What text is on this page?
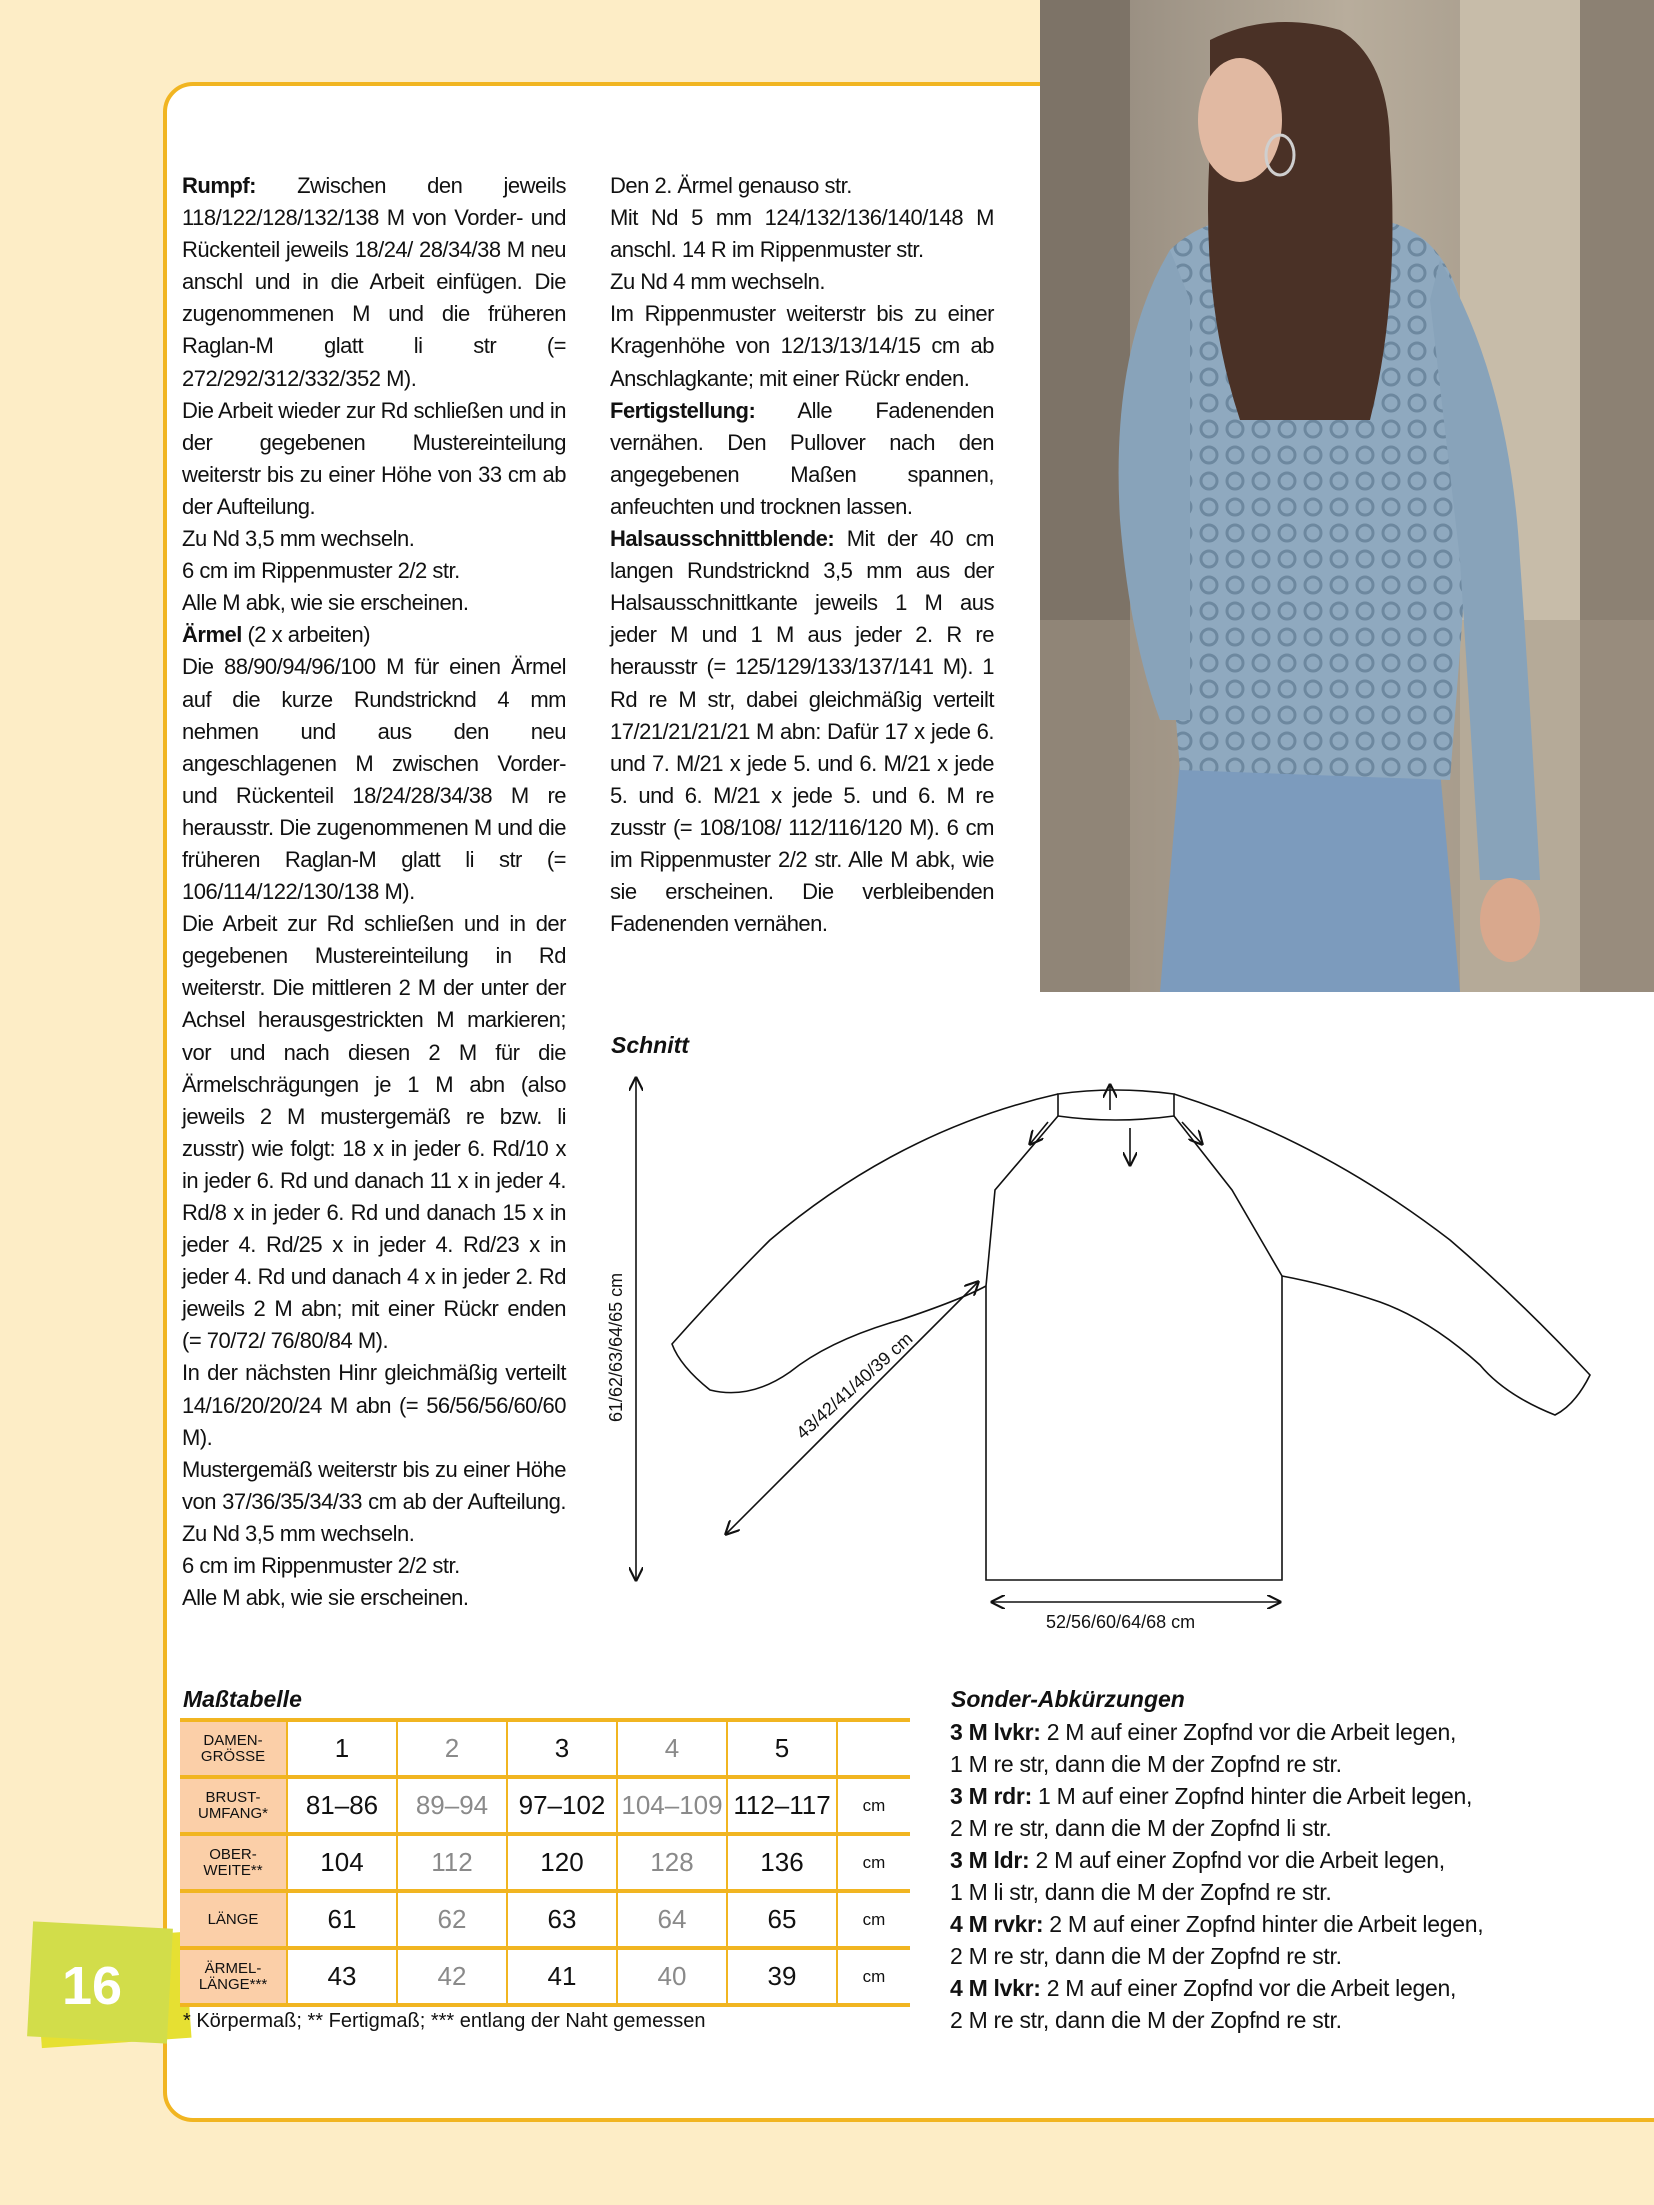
16

Rumpf: Zwischen den jeweils 118/122/128/132/138 M von Vorder- und Rückenteil jeweils 18/24/ 28/34/38 M neu anschl und in die Arbeit einfügen. Die zugenommenen M und die früheren Raglan-M glatt li str (= 272/292/312/332/352 M).

Die Arbeit wieder zur Rd schließen und in der gegebenen Mustereinteilung weiterstr bis zu einer Höhe von 33 cm ab der Aufteilung.

Zu Nd 3,5 mm wechseln.

6 cm im Rippenmuster 2/2 str.

Alle M abk, wie sie erscheinen.

Ärmel (2 x arbeiten)

Die 88/90/94/96/100 M für einen Ärmel auf die kurze Rundstricknd 4 mm nehmen und aus den neu angeschlagenen M zwischen Vorder- und Rückenteil 18/24/28/34/38 M re herausstr. Die zugenommenen M und die früheren Raglan-M glatt li str (= 106/114/122/130/138 M).

Die Arbeit zur Rd schließen und in der gegebenen Mustereinteilung in Rd weiterstr. Die mittleren 2 M der unter der Achsel herausgestrickten M markieren; vor und nach diesen 2 M für die Ärmelschrägungen je 1 M abn (also jeweils 2 M mustergemäß re bzw. li zusstr) wie folgt: 18 x in jeder 6. Rd/10 x in jeder 6. Rd und danach 11 x in jeder 4. Rd/8 x in jeder 6. Rd und danach 15 x in jeder 4. Rd/25 x in jeder 4. Rd/23 x in jeder 4. Rd und danach 4 x in jeder 2. Rd jeweils 2 M abn; mit einer Rückr enden (= 70/72/ 76/80/84 M).

In der nächsten Hinr gleichmäßig verteilt 14/16/20/20/24 M abn (= 56/56/56/60/60 M).

Mustergemäß weiterstr bis zu einer Höhe von 37/36/35/34/33 cm ab der Aufteilung. Zu Nd 3,5 mm wechseln.

6 cm im Rippenmuster 2/2 str.

Alle M abk, wie sie erscheinen.

Den 2. Ärmel genauso str.

Mit Nd 5 mm 124/132/136/140/148 M anschl. 14 R im Rippenmuster str.

Zu Nd 4 mm wechseln.

Im Rippenmuster weiterstr bis zu einer Kragenhöhe von 12/13/13/14/15 cm ab Anschlagkante; mit einer Rückr enden.

Fertigstellung: Alle Fadenenden vernähen. Den Pullover nach den angegebenen Maßen spannen, anfeuchten und trocknen lassen.

Halsausschnittblende: Mit der 40 cm langen Rundstricknd 3,5 mm aus der Halsausschnittkante jeweils 1 M aus jeder M und 1 M aus jeder 2. R re herausstr (= 125/129/133/137/141 M). 1 Rd re M str, dabei gleichmäßig verteilt 17/21/21/21/21 M abn: Dafür 17 x jede 6. und 7. M/21 x jede 5. und 6. M/21 x jede 5. und 6. M/21 x jede 5. und 6. M re zusstr (= 108/108/ 112/116/120 M). 6 cm im Rippenmuster 2/2 str. Alle M abk, wie sie erscheinen. Die verbleibenden Fadenenden vernähen.

Schnitt
61/62/63/64/65 cm	43/42/41/40/39 cm
52/56/60/64/68 cm
Maßtabelle
DAMEN-
GRÖSSE	1	2	3	4	5	
BRUST-
UMFANG*	81–86	89–94	97–102	104–109	112–117	cm
OBER-
WEITE**	104	112	120	128	136	cm
LÄNGE	61	62	63	64	65	cm
ÄRMEL-
LÄNGE***	43	42	41	40	39	cm
* Körpermaß; ** Fertigmaß; *** entlang der Naht gemessen
Sonder-Abkürzungen

3 M lvkr: 2 M auf einer Zopfnd vor die Arbeit legen,

1 M re str, dann die M der Zopfnd re str.

3 M rdr: 1 M auf einer Zopfnd hinter die Arbeit legen,

2 M re str, dann die M der Zopfnd li str.

3 M ldr: 2 M auf einer Zopfnd vor die Arbeit legen,

1 M li str, dann die M der Zopfnd re str.

4 M rvkr: 2 M auf einer Zopfnd hinter die Arbeit legen,

2 M re str, dann die M der Zopfnd re str.

4 M lvkr: 2 M auf einer Zopfnd vor die Arbeit legen,

2 M re str, dann die M der Zopfnd re str.
